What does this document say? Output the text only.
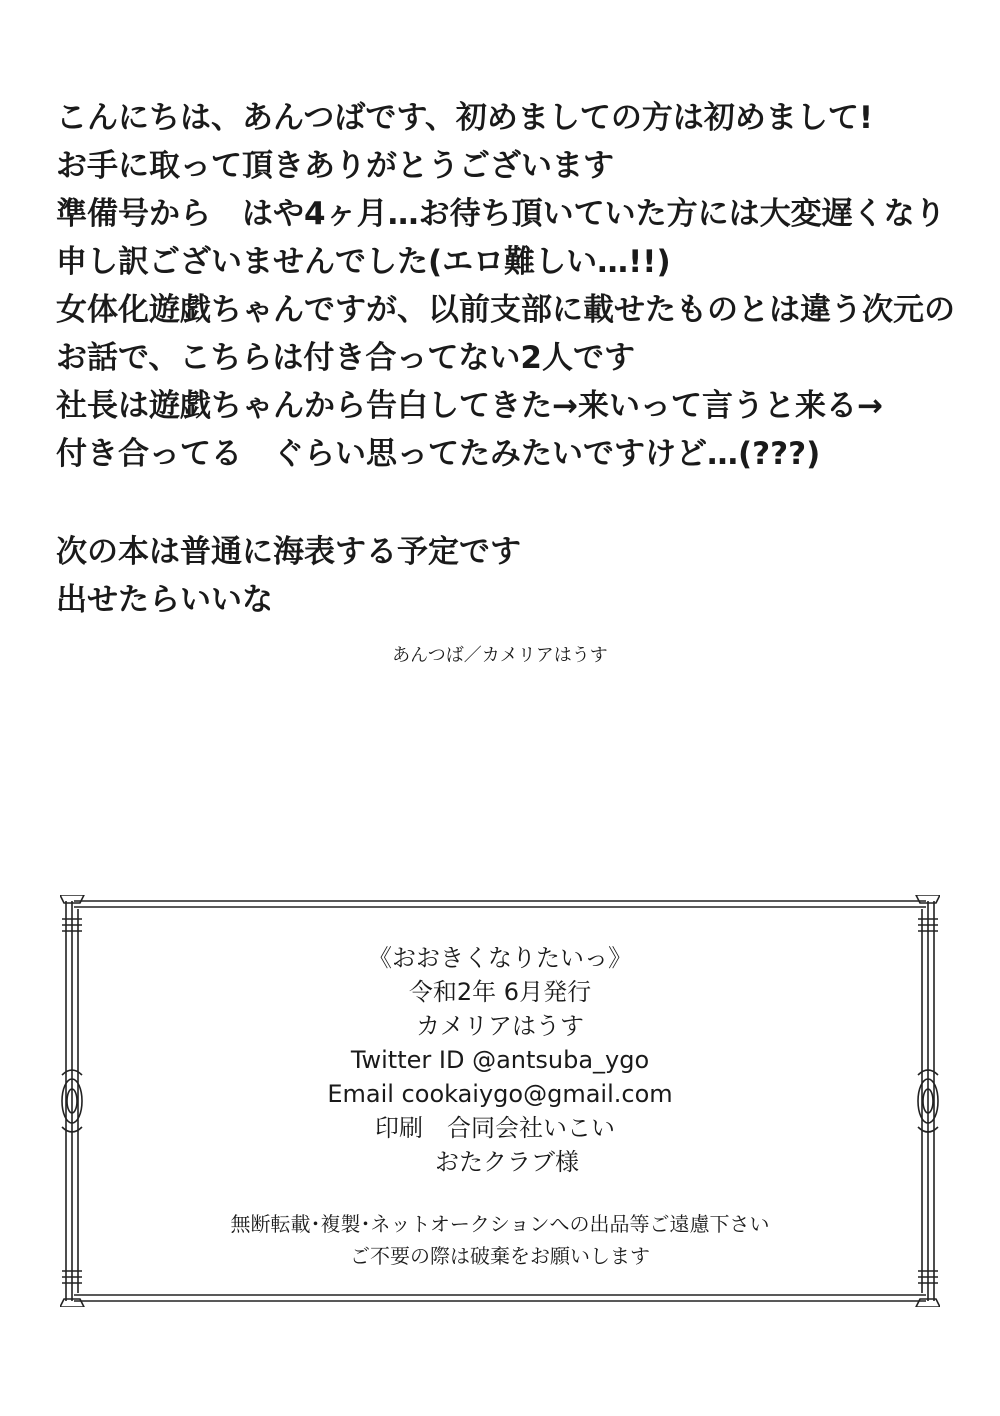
こんにちは、あんつばです、初めましての方は初めまして!
お手に取って頂きありがとうございます
準備号から　はや4ヶ月…お待ち頂いていた方には大変遅くなり
申し訳ございませんでした(エロ難しい…!!)
女体化遊戯ちゃんですが、以前支部に載せたものとは違う次元の
お話で、こちらは付き合ってない2人です
社長は遊戯ちゃんから告白してきた→来いって言うと来る→
付き合ってる　ぐらい思ってたみたいですけど…(???)
次の本は普通に海表する予定です
出せたらいいな
あんつば／カメリアはうす
《おおきくなりたいっ》
令和2年 6月発行
カメリアはうす
Twitter ID @antsuba_ygo
Email cookaiygo@gmail.com
印刷　合同会社いこい
おたクラブ様
無断転載･複製･ネットオークションへの出品等ご遠慮下さい
ご不要の際は破棄をお願いします
